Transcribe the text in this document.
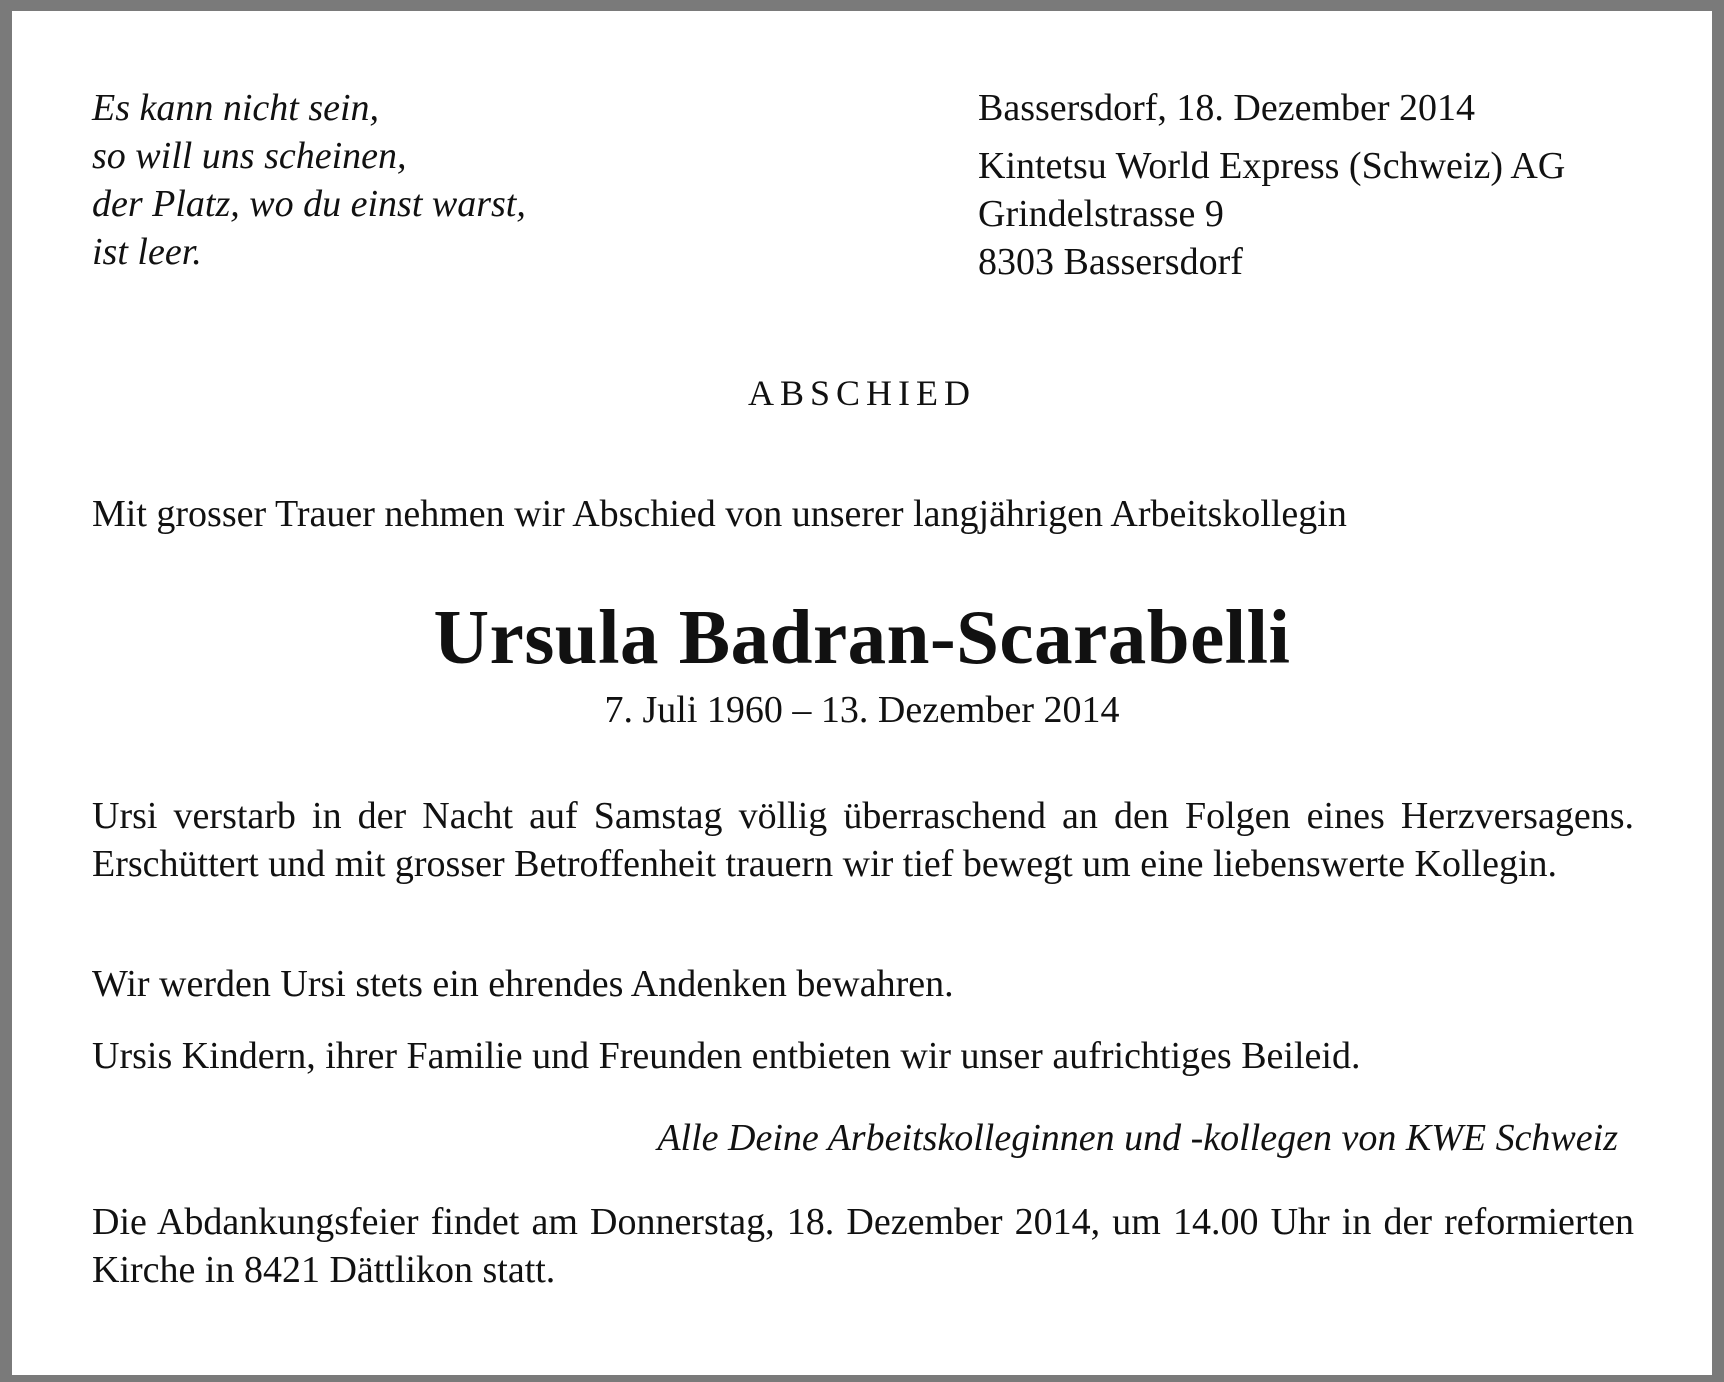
Es kann nicht sein,
so will uns scheinen,
der Platz, wo du einst warst,
ist leer.
Bassersdorf, 18. Dezember 2014
Kintetsu World Express (Schweiz) AG
Grindelstrasse 9
8303 Bassersdorf
ABSCHIED
Mit grosser Trauer nehmen wir Abschied von unserer langjährigen Arbeitskollegin
Ursula Badran-Scarabelli
7. Juli 1960 – 13. Dezember 2014
Ursi verstarb in der Nacht auf Samstag völlig überraschend an den Folgen eines Herzversagens. Erschüttert und mit grosser Betroffenheit trauern wir tief bewegt um eine liebenswerte Kollegin.
Wir werden Ursi stets ein ehrendes Andenken bewahren.
Ursis Kindern, ihrer Familie und Freunden entbieten wir unser aufrichtiges Beileid.
Alle Deine Arbeitskolleginnen und -kollegen von KWE Schweiz
Die Abdankungsfeier findet am Donnerstag, 18. Dezember 2014, um 14.00 Uhr in der reformierten Kirche in 8421 Dättlikon statt.
